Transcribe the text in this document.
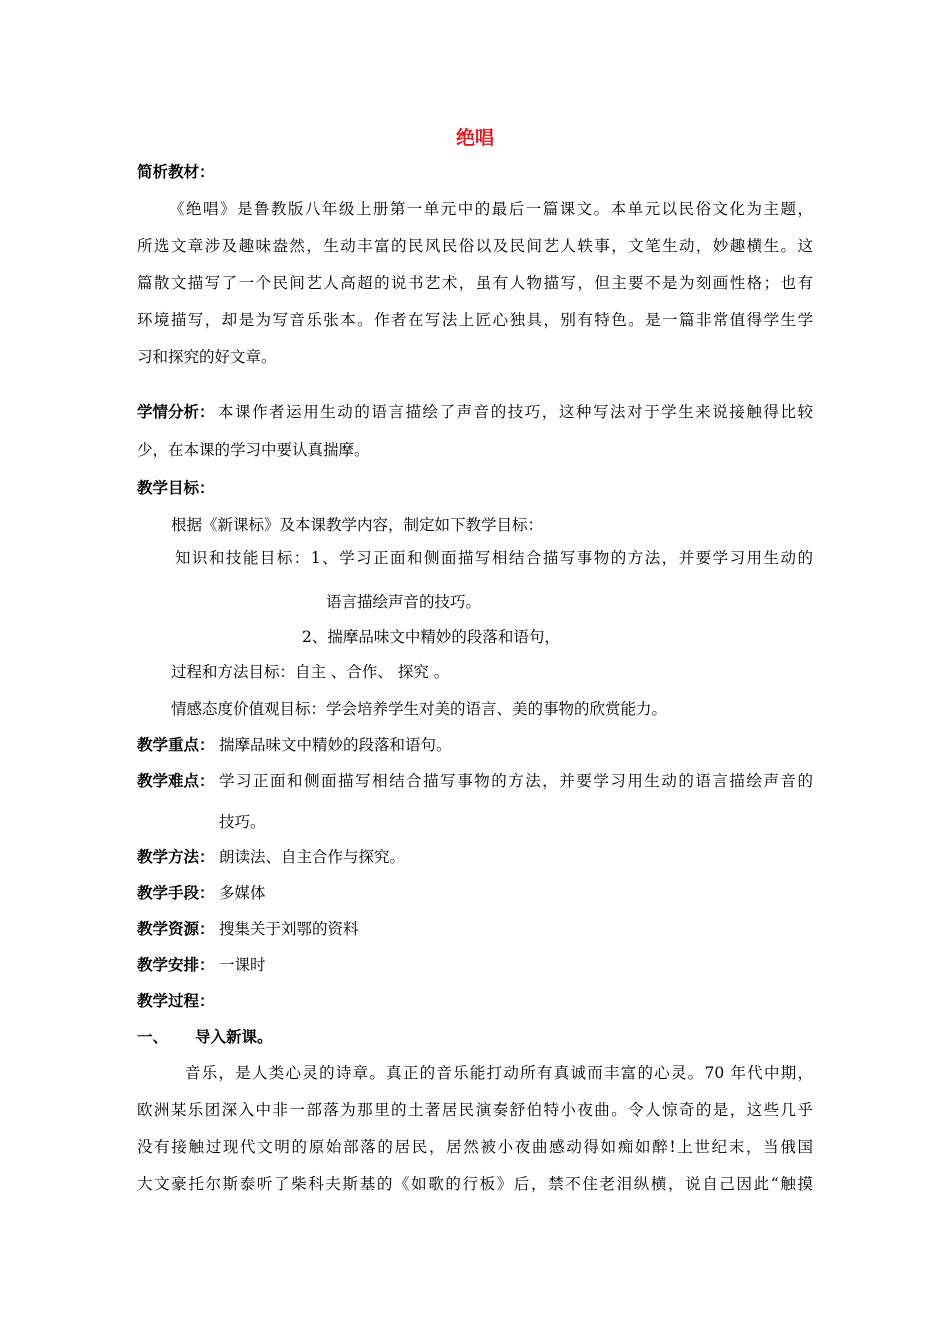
绝唱
简析教材：
《绝唱》是鲁教版八年级上册第一单元中的最后一篇课文。本单元以民俗文化为主题，
所选文章涉及趣味盎然，生动丰富的民风民俗以及民间艺人轶事，文笔生动，妙趣横生。这
篇散文描写了一个民间艺人高超的说书艺术，虽有人物描写，但主要不是为刻画性格；也有
环境描写，却是为写音乐张本。作者在写法上匠心独具，别有特色。是一篇非常值得学生学
习和探究的好文章。
学情分析： 本课作者运用生动的语言描绘了声音的技巧，这种写法对于学生来说接触得比较
少，在本课的学习中要认真揣摩。
教学目标：
根据《新课标》及本课教学内容，制定如下教学目标：
知识和技能目标：1、学习正面和侧面描写相结合描写事物的方法，并要学习用生动的
语言描绘声音的技巧。
2、揣摩品味文中精妙的段落和语句，
过程和方法目标：自主 、合作、 探究 。
情感态度价值观目标：学会培养学生对美的语言、美的事物的欣赏能力。
教学重点： 揣摩品味文中精妙的段落和语句。
教学难点： 学习正面和侧面描写相结合描写事物的方法，并要学习用生动的语言描绘声音的
技巧。
教学方法： 朗读法、自主合作与探究。
教学手段： 多媒体
教学资源： 搜集关于刘鄂的资料
教学安排： 一课时
教学过程：
一、 导入新课。
音乐，是人类心灵的诗章。真正的音乐能打动所有真诚而丰富的心灵。70 年代中期，
欧洲某乐团深入中非一部落为那里的土著居民演奏舒伯特小夜曲。令人惊奇的是，这些几乎
没有接触过现代文明的原始部落的居民，居然被小夜曲感动得如痴如醉!上世纪末，当俄国
大文豪托尔斯泰听了柴科夫斯基的《如歌的行板》后，禁不住老泪纵横，说自己因此“触摸
